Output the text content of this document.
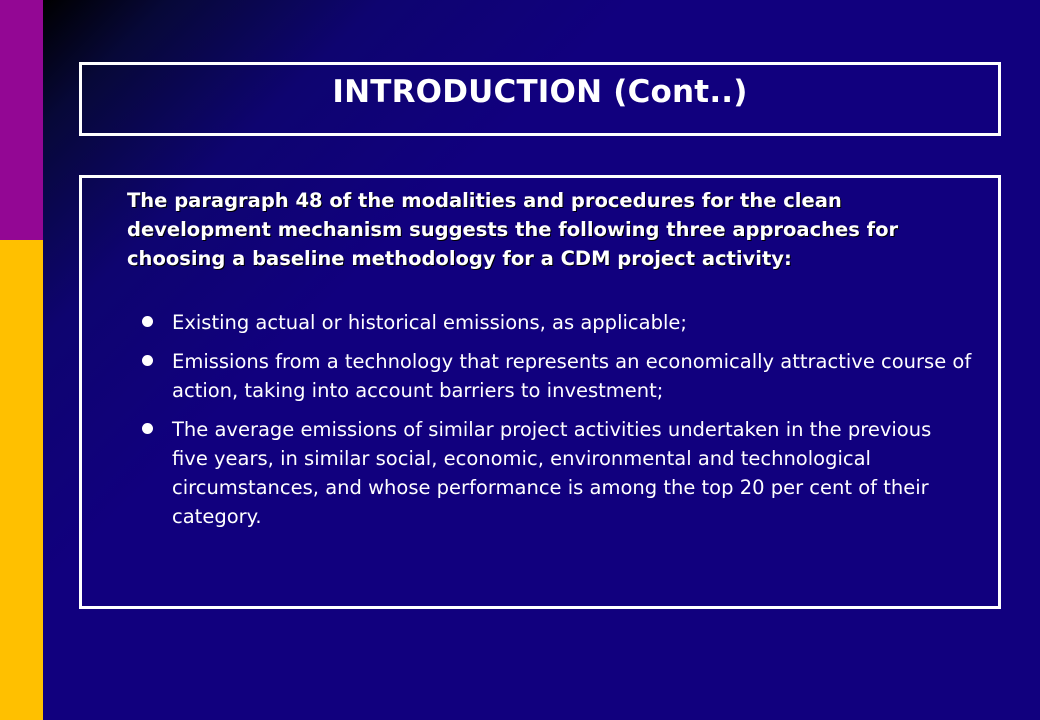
INTRODUCTION (Cont..)

The paragraph 48 of the modalities and procedures for the clean development mechanism suggests the following three approaches for choosing a baseline methodology for a CDM project activity:

Existing actual or historical emissions, as applicable;
Emissions from a technology that represents an economically attractive course of action, taking into account barriers to investment;
The average emissions of similar project activities undertaken in the previous five years, in similar social, economic, environmental and technological circumstances, and whose performance is among the top 20 per cent of their category.
